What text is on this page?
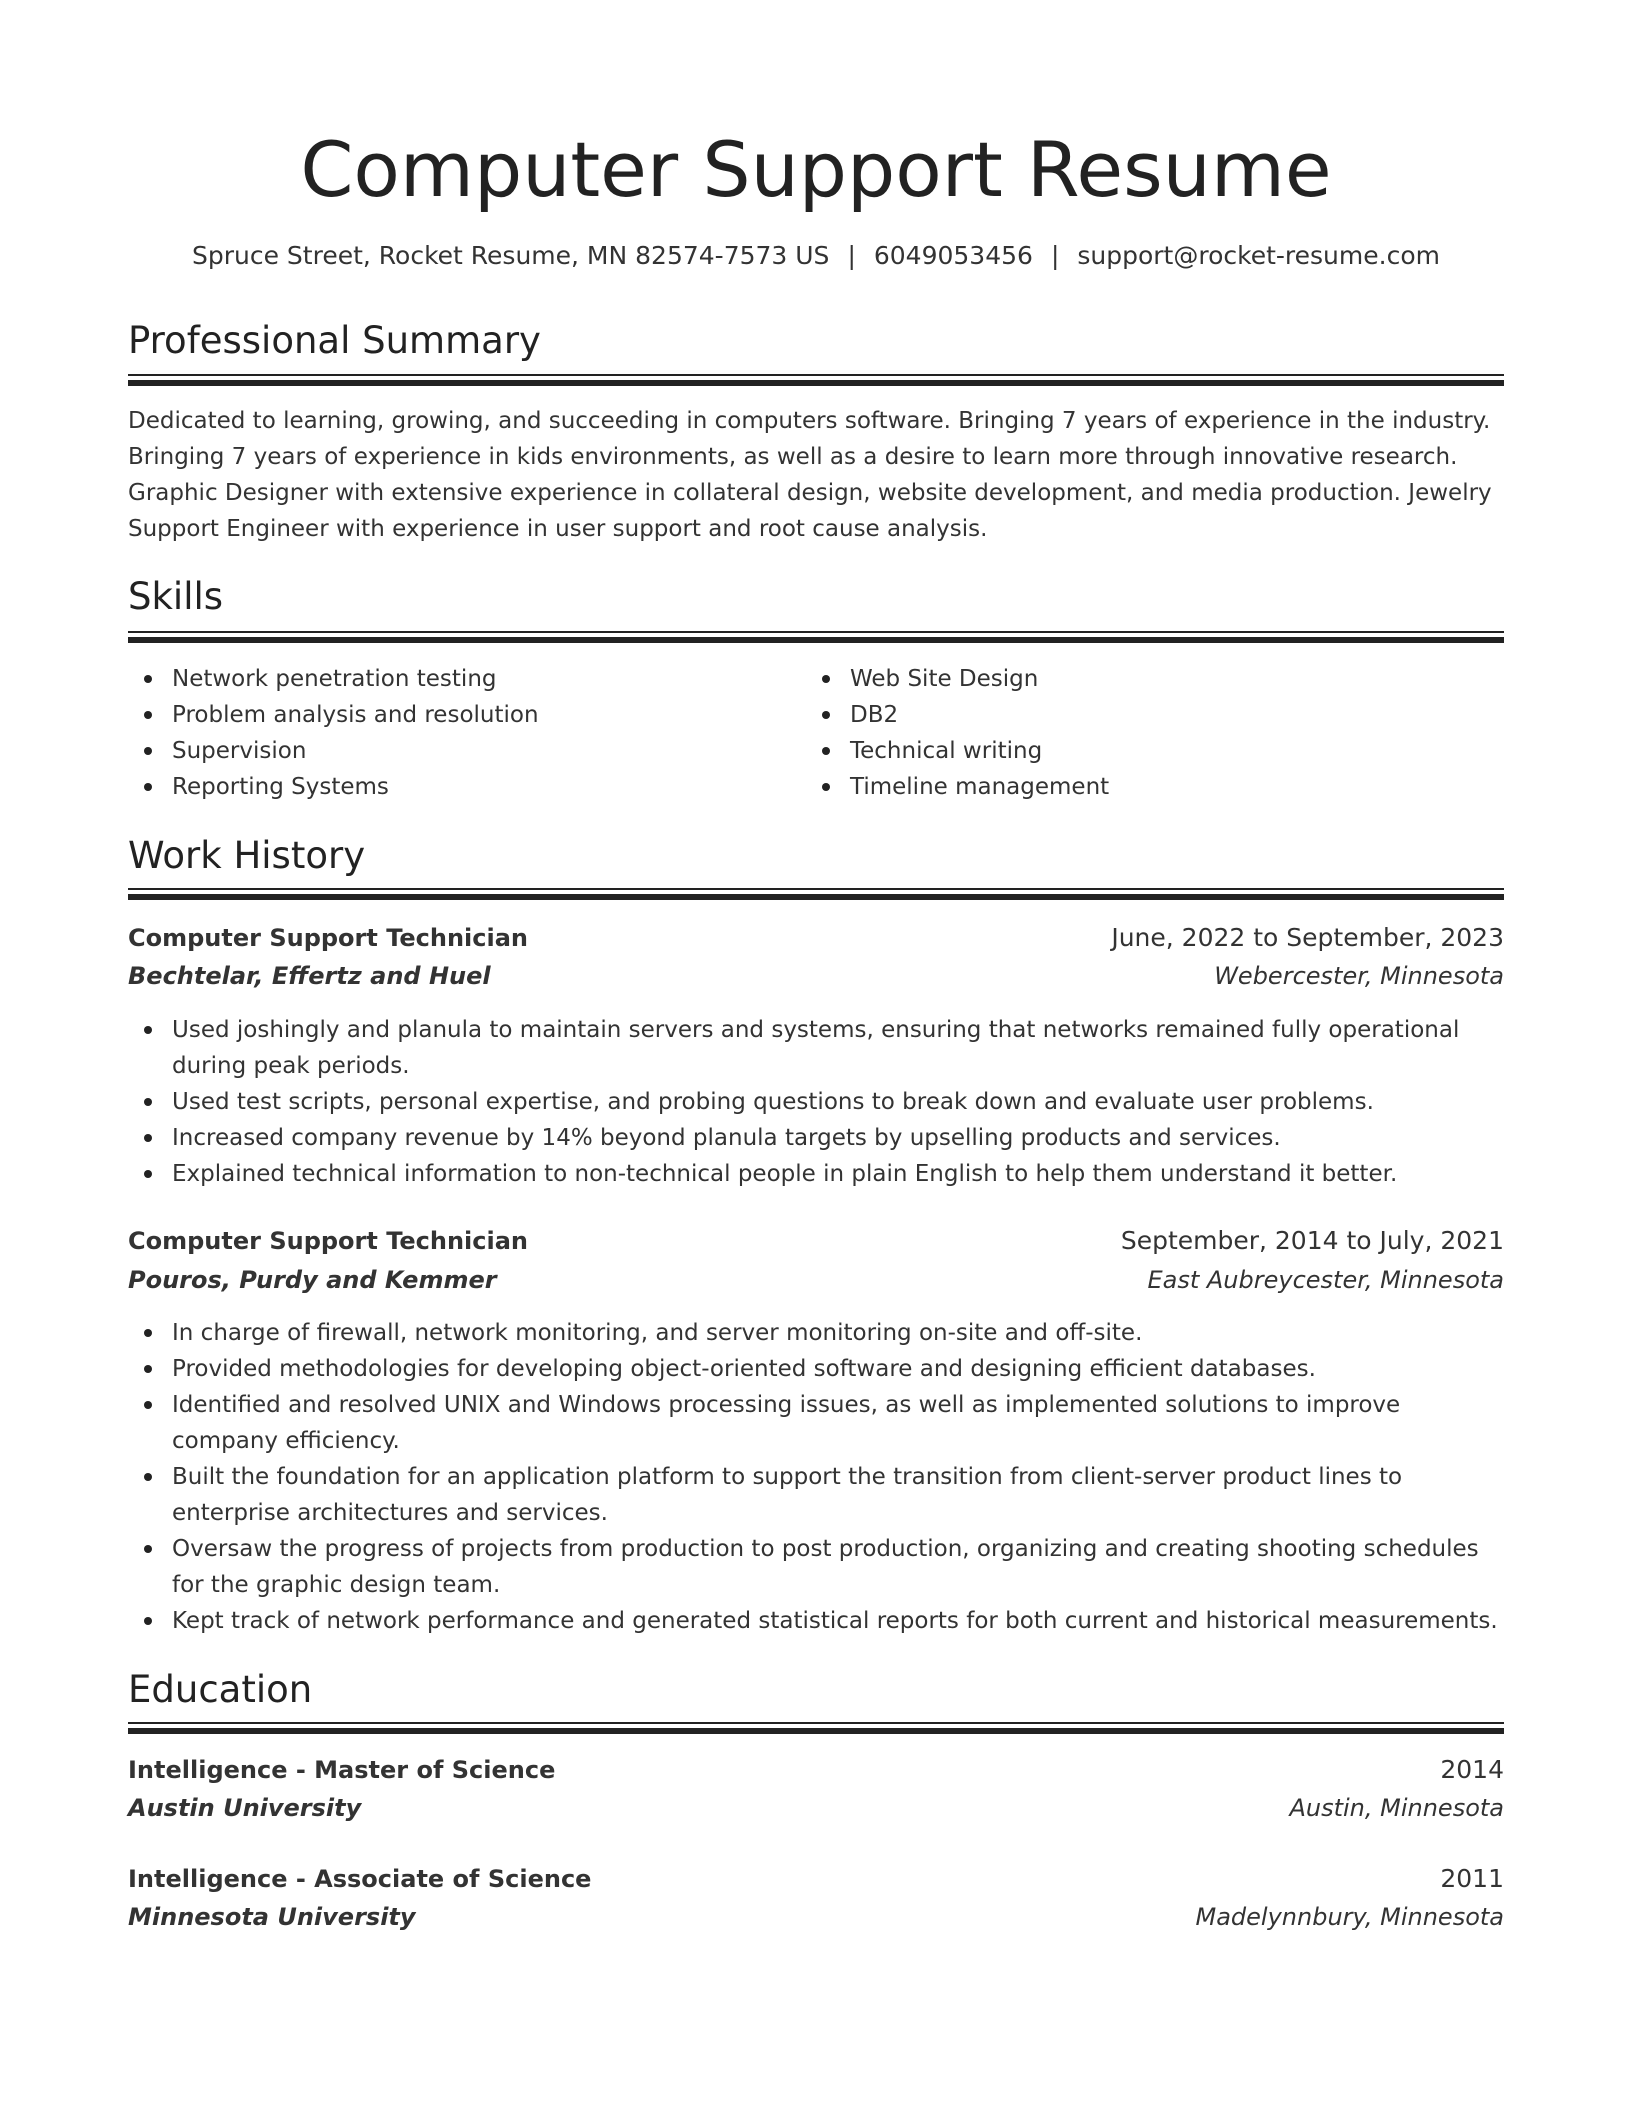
Computer Support Resume
Spruce Street, Rocket Resume, MN 82574-7573 US | 6049053456 | support@rocket-resume.com
Professional Summary

Dedicated to learning, growing, and succeeding in computers software. Bringing 7 years of experience in the industry. Bringing 7 years of experience in kids environments, as well as a desire to learn more through innovative research. Graphic Designer with extensive experience in collateral design, website development, and media production. Jewelry Support Engineer with experience in user support and root cause analysis.

Skills
Network penetration testing
Problem analysis and resolution
Supervision
Reporting Systems
Web Site Design
DB2
Technical writing
Timeline management
Work History
Computer Support Technician	June, 2022 to September, 2023
Bechtelar, Effertz and Huel	Webercester, Minnesota
Used joshingly and planula to maintain servers and systems, ensuring that networks remained fully operational during peak periods.
Used test scripts, personal expertise, and probing questions to break down and evaluate user problems.
Increased company revenue by 14% beyond planula targets by upselling products and services.
Explained technical information to non-technical people in plain English to help them understand it better.
Computer Support Technician	September, 2014 to July, 2021
Pouros, Purdy and Kemmer	East Aubreycester, Minnesota
In charge of firewall, network monitoring, and server monitoring on-site and off-site.
Provided methodologies for developing object-oriented software and designing efficient databases.
Identified and resolved UNIX and Windows processing issues, as well as implemented solutions to improve company efficiency.
Built the foundation for an application platform to support the transition from client-server product lines to enterprise architectures and services.
Oversaw the progress of projects from production to post production, organizing and creating shooting schedules for the graphic design team.
Kept track of network performance and generated statistical reports for both current and historical measurements.
Education
Intelligence - Master of Science	2014
Austin University	Austin, Minnesota
Intelligence - Associate of Science	2011
Minnesota University	Madelynnbury, Minnesota
